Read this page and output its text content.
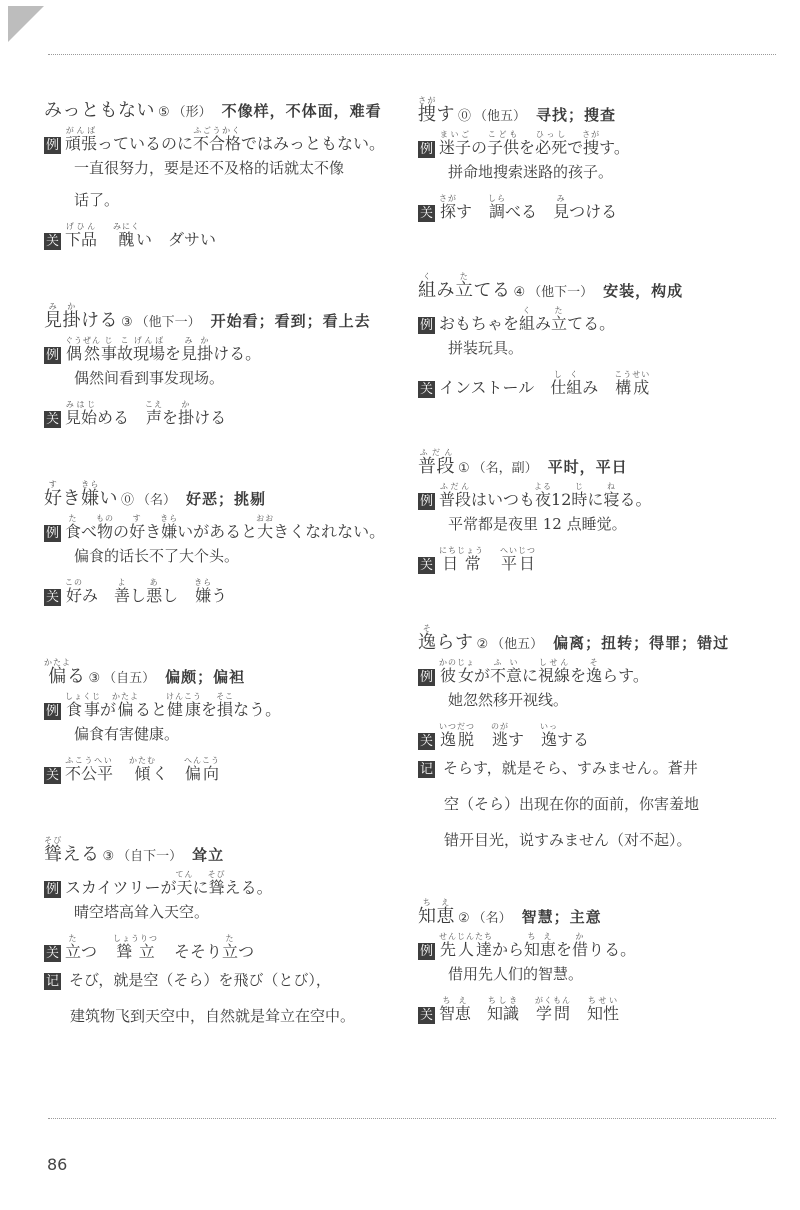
みっともない ⑤ （形） 不像样，不体面，难看
例 頑張がんばっているのに不合格ふごうかくではみっともない。
一直很努力，要是还不及格的话就太不像
话了。
关 下品げひん醜みにくい ダサい
見み掛かける ③ （他下一） 开始看；看到；看上去
例 偶然ぐうぜん事故じこ現場げんばを見み掛かける。
偶然间看到事发现场。
关 見始みはじめる 声こえを掛かける
好すき嫌きらい ⓪ （名） 好恶；挑剔
例 食たべ物ものの好すき嫌きらいがあると大おおきくなれない。
偏食的话长不了大个头。
关 好このみ 善よし悪あし 嫌きらう
偏かたよる ③ （自五） 偏颇；偏袒
例 食事しょくじが偏かたよると健康けんこうを損そこなう。
偏食有害健康。
关 不公平ふこうへい傾かたむく 偏向へんこう
聳そびえる ③ （自下一） 耸立
例 スカイツリーが天てんに聳そびえる。
晴空塔高耸入天空。
关 立たつ 聳立しょうりつそそり立たつ
记 そび，就是空（そら）を飛び（とび），
建筑物飞到天空中，自然就是耸立在空中。
捜さがす ⓪ （他五） 寻找；搜查
例 迷子まいごの子供こどもを必死ひっしで捜さがす。
拼命地搜索迷路的孩子。
关 探さがす 調しらべる 見みつける
組くみ立たてる ④ （他下一） 安装，构成
例 おもちゃを組くみ立たてる。
拼装玩具。
关 インストール 仕組しくみ 構成こうせい
普段ふだん
① （名，副） 平时，平日
例 普段ふだんはいつも夜よる12時じに寝ねる。
平常都是夜里 12 点睡觉。
关 日常にちじょう平日へいじつ
逸そらす ② （他五） 偏离；扭转；得罪；错过
例 彼女かのじょが不意ふいに視線しせんを逸そらす。
她忽然移开视线。
关 逸脱いつだつ逃のがす 逸いっする
记 そらす，就是そら、すみません。蒼井
空（そら）出现在你的面前，你害羞地
错开目光，说すみません（对不起）。
知恵ちえ
② （名） 智慧；主意
例 先人達せんじんたちから知恵ちえを借かりる。
借用先人们的智慧。
关 智恵ちえ知識ちしき学問がくもん知性ちせい
86
